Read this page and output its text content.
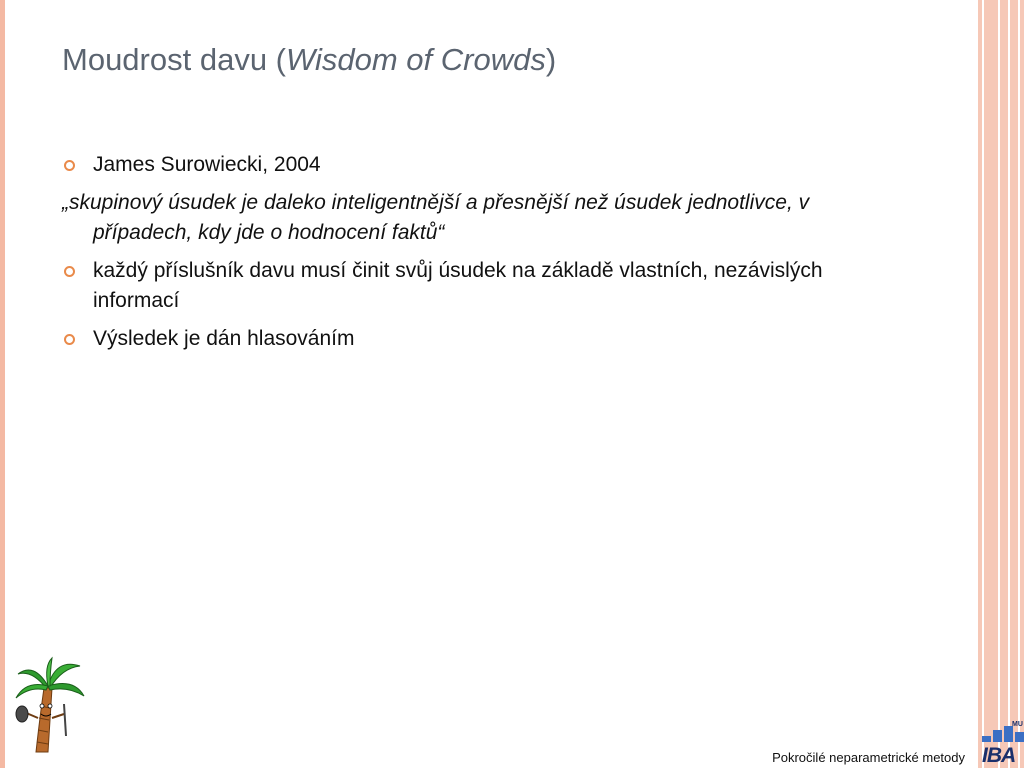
Moudrost davu (Wisdom of Crowds)
James Surowiecki, 2004
„skupinový úsudek je daleko inteligentnější a přesnější než úsudek jednotlivce, v případech, kdy jde o hodnocení faktů“
každý příslušník davu musí činit svůj úsudek na základě vlastních, nezávislých informací
Výsledek je dán hlasováním
Pokročilé neparametrické metody
MU
IBA
